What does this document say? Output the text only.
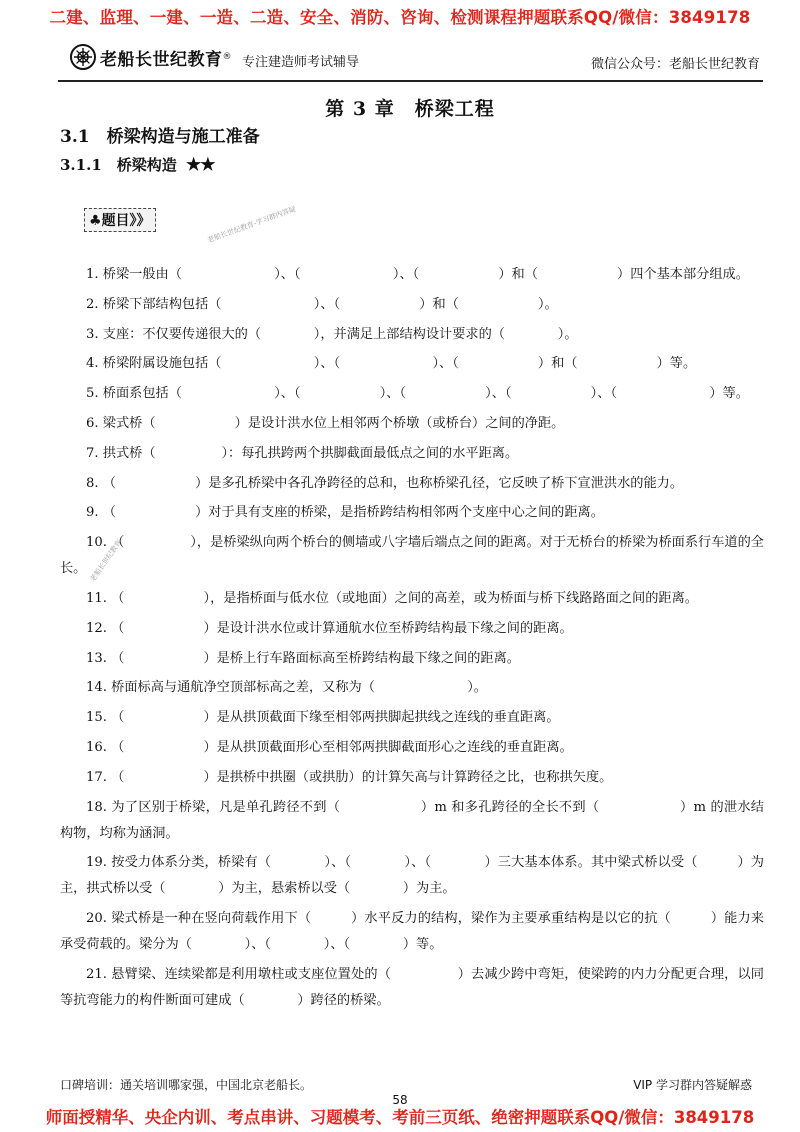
二建、监理、一建、一造、二造、安全、消防、咨询、检测课程押题联系QQ/微信：3849178
老船长世纪教育 ® 专注建造师考试辅导	微信公众号：老船长世纪教育
第 3 章　桥梁工程
3.1　桥梁构造与施工准备
3.1.1　桥梁构造 ★★
♣题目》》	老船长世纪教育-学习群内答疑
老船长世纪教育

1. 桥梁一般由（　　　　　　　）、（　　　　　　　）、（　　　　　　）和（　　　　　　）四个基本部分组成。

2. 桥梁下部结构包括（　　　　　　　）、（　　　　　　）和（　　　　　　）。

3. 支座：不仅要传递很大的（　　　　），并满足上部结构设计要求的（　　　　）。

4. 桥梁附属设施包括（　　　　　　　）、（　　　　　　　）、（　　　　　　）和（　　　　　　）等。

5. 桥面系包括（　　　　　　　）、（　　　　　　）、（　　　　　　）、（　　　　　　）、（　　　　　　　）等。

6. 梁式桥（　　　　　　）是设计洪水位上相邻两个桥墩（或桥台）之间的净距。

7. 拱式桥（　　　　　）：每孔拱跨两个拱脚截面最低点之间的水平距离。

8. （　　　　　　）是多孔桥梁中各孔净跨径的总和，也称桥梁孔径，它反映了桥下宣泄洪水的能力。

9. （　　　　　　）对于具有支座的桥梁，是指桥跨结构相邻两个支座中心之间的距离。

10. （　　　　　），是桥梁纵向两个桥台的侧墙或八字墙后端点之间的距离。对于无桥台的桥梁为桥面系行车道的全长。

11. （　　　　　　），是指桥面与低水位（或地面）之间的高差，或为桥面与桥下线路路面之间的距离。

12. （　　　　　　）是设计洪水位或计算通航水位至桥跨结构最下缘之间的距离。

13. （　　　　　　）是桥上行车路面标高至桥跨结构最下缘之间的距离。

14. 桥面标高与通航净空顶部标高之差，又称为（　　　　　　　）。

15. （　　　　　　）是从拱顶截面下缘至相邻两拱脚起拱线之连线的垂直距离。

16. （　　　　　　）是从拱顶截面形心至相邻两拱脚截面形心之连线的垂直距离。

17. （　　　　　　）是拱桥中拱圈（或拱肋）的计算矢高与计算跨径之比，也称拱矢度。

18. 为了区别于桥梁，凡是单孔跨径不到（　　　　　　）m 和多孔跨径的全长不到（　　　　　　）m 的泄水结构物，均称为涵洞。

19. 按受力体系分类，桥梁有（　　　　）、（　　　　）、（　　　　）三大基本体系。其中梁式桥以受（　　　）为主，拱式桥以受（　　　　）为主，悬索桥以受（　　　　）为主。

20. 梁式桥是一种在竖向荷载作用下（　　　）水平反力的结构，梁作为主要承重结构是以它的抗（　　　）能力来承受荷载的。梁分为（　　　　）、（　　　　）、（　　　　）等。

21. 悬臂梁、连续梁都是利用墩柱或支座位置处的（　　　　　）去减少跨中弯矩，使梁跨的内力分配更合理，以同等抗弯能力的构件断面可建成（　　　　）跨径的桥梁。

口碑培训：通关培训哪家强，中国北京老船长。	VIP 学习群内答疑解惑
58
师面授精华、央企内训、考点串讲、习题模考、考前三页纸、绝密押题联系QQ/微信：3849178
